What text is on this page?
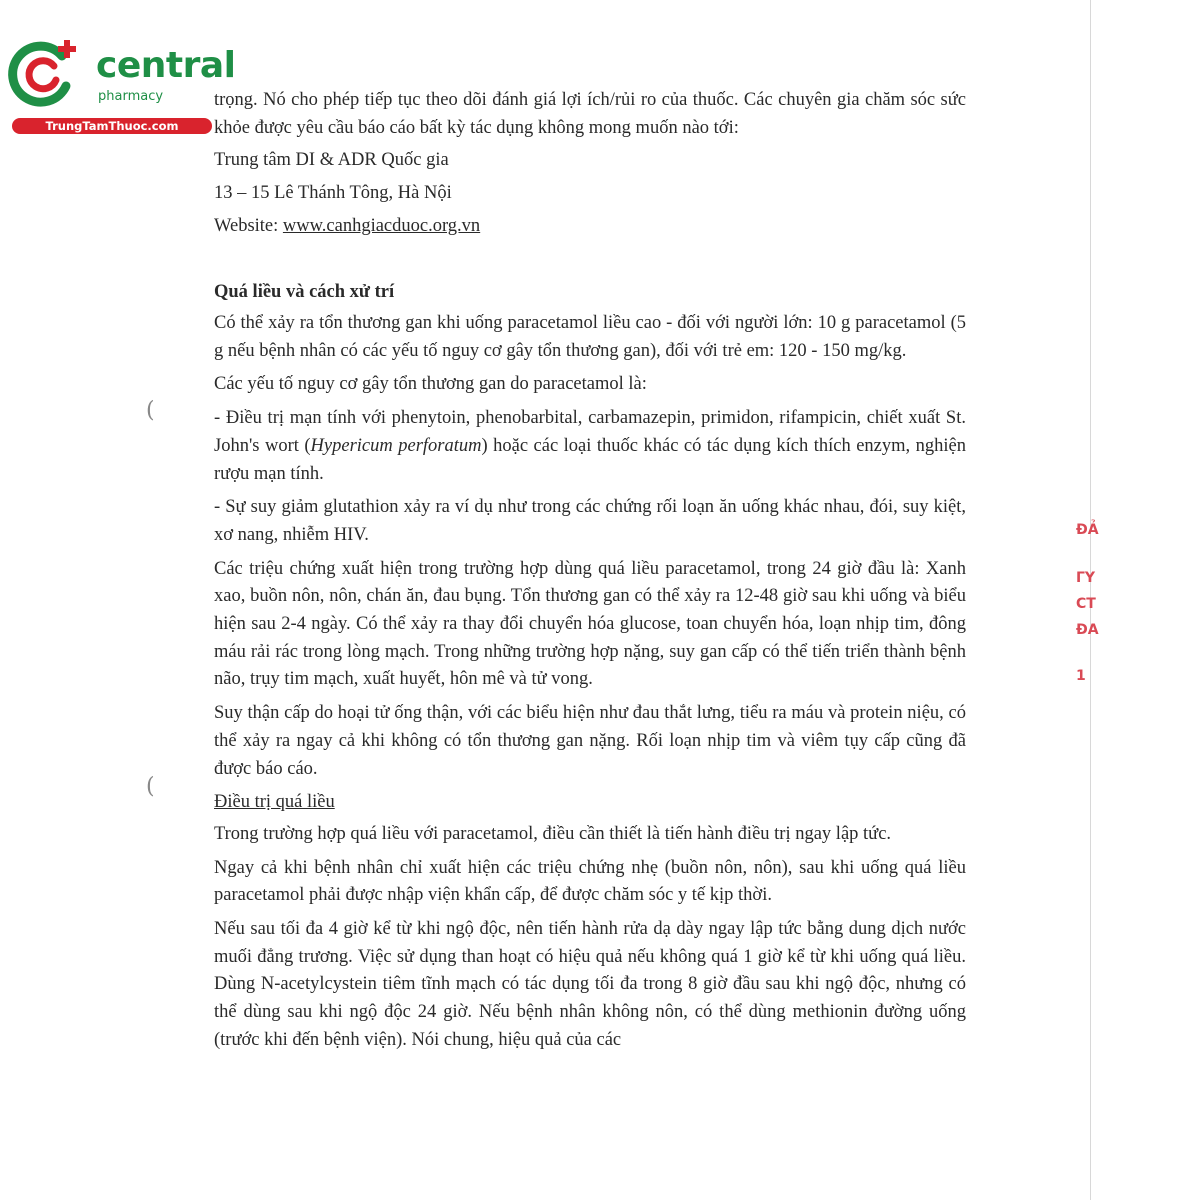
central
pharmacy
TrungTamThuoc.com
trọng. Nó cho phép tiếp tục theo dõi đánh giá lợi ích/rủi ro của thuốc. Các chuyên gia chăm sóc sức khỏe được yêu cầu báo cáo bất kỳ tác dụng không mong muốn nào tới:
Trung tâm DI & ADR Quốc gia
13 – 15 Lê Thánh Tông, Hà Nội
Website: www.canhgiacduoc.org.vn
Quá liều và cách xử trí

Có thể xảy ra tổn thương gan khi uống paracetamol liều cao - đối với người lớn: 10 g paracetamol (5 g nếu bệnh nhân có các yếu tố nguy cơ gây tổn thương gan), đối với trẻ em: 120 - 150 mg/kg.

Các yếu tố nguy cơ gây tổn thương gan do paracetamol là:

- Điều trị mạn tính với phenytoin, phenobarbital, carbamazepin, primidon, rifampicin, chiết xuất St. John's wort (Hypericum perforatum) hoặc các loại thuốc khác có tác dụng kích thích enzym, nghiện rượu mạn tính.

- Sự suy giảm glutathion xảy ra ví dụ như trong các chứng rối loạn ăn uống khác nhau, đói, suy kiệt, xơ nang, nhiễm HIV.

Các triệu chứng xuất hiện trong trường hợp dùng quá liều paracetamol, trong 24 giờ đầu là: Xanh xao, buồn nôn, nôn, chán ăn, đau bụng. Tổn thương gan có thể xảy ra 12-48 giờ sau khi uống và biểu hiện sau 2-4 ngày. Có thể xảy ra thay đổi chuyển hóa glucose, toan chuyển hóa, loạn nhịp tim, đông máu rải rác trong lòng mạch. Trong những trường hợp nặng, suy gan cấp có thể tiến triển thành bệnh não, trụy tim mạch, xuất huyết, hôn mê và tử vong.

Suy thận cấp do hoại tử ống thận, với các biểu hiện như đau thắt lưng, tiểu ra máu và protein niệu, có thể xảy ra ngay cả khi không có tổn thương gan nặng. Rối loạn nhịp tim và viêm tụy cấp cũng đã được báo cáo.

Điều trị quá liều

Trong trường hợp quá liều với paracetamol, điều cần thiết là tiến hành điều trị ngay lập tức.

Ngay cả khi bệnh nhân chỉ xuất hiện các triệu chứng nhẹ (buồn nôn, nôn), sau khi uống quá liều paracetamol phải được nhập viện khẩn cấp, để được chăm sóc y tế kịp thời.

Nếu sau tối đa 4 giờ kể từ khi ngộ độc, nên tiến hành rửa dạ dày ngay lập tức bằng dung dịch nước muối đẳng trương. Việc sử dụng than hoạt có hiệu quả nếu không quá 1 giờ kể từ khi uống quá liều. Dùng N-acetylcystein tiêm tĩnh mạch có tác dụng tối đa trong 8 giờ đầu sau khi ngộ độc, nhưng có thể dùng sau khi ngộ độc 24 giờ. Nếu bệnh nhân không nôn, có thể dùng methionin đường uống (trước khi đến bệnh viện). Nói chung, hiệu quả của các

(
(
ĐẢ
ΓΥ
СТ
ĐA
1
